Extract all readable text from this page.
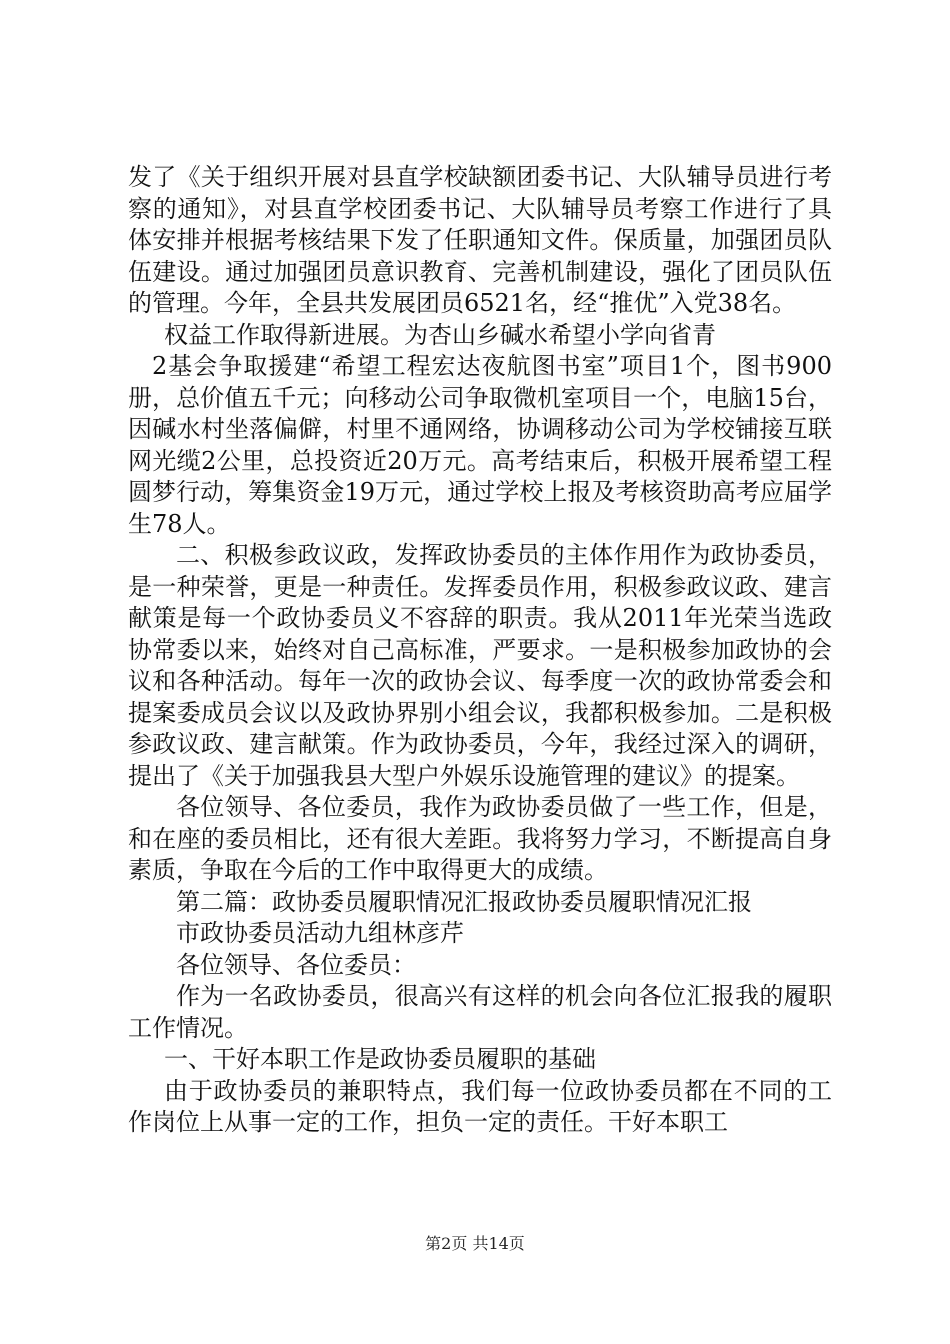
发了《关于组织开展对县直学校缺额团委书记、大队辅导员进行考察的通知》，对县直学校团委书记、大队辅导员考察工作进行了具体安排并根据考核结果下发了任职通知文件。保质量，加强团员队伍建设。通过加强团员意识教育、完善机制建设，强化了团员队伍的管理。今年，全县共发展团员6521名，经“推优”入党38名。

权益工作取得新进展。为杏山乡碱水希望小学向省青

2基会争取援建“希望工程宏达夜航图书室”项目1个，图书900册，总价值五千元；向移动公司争取微机室项目一个，电脑15台，因碱水村坐落偏僻，村里不通网络，协调移动公司为学校铺接互联网光缆2公里，总投资近20万元。高考结束后，积极开展希望工程圆梦行动，筹集资金19万元，通过学校上报及考核资助高考应届学生78人。

二、积极参政议政，发挥政协委员的主体作用作为政协委员，是一种荣誉，更是一种责任。发挥委员作用，积极参政议政、建言献策是每一个政协委员义不容辞的职责。我从2011年光荣当选政协常委以来，始终对自己高标准，严要求。一是积极参加政协的会议和各种活动。每年一次的政协会议、每季度一次的政协常委会和提案委成员会议以及政协界别小组会议，我都积极参加。二是积极参政议政、建言献策。作为政协委员，今年，我经过深入的调研，提出了《关于加强我县大型户外娱乐设施管理的建议》的提案。

各位领导、各位委员，我作为政协委员做了一些工作，但是，和在座的委员相比，还有很大差距。我将努力学习，不断提高自身素质，争取在今后的工作中取得更大的成绩。

第二篇：政协委员履职情况汇报政协委员履职情况汇报

市政协委员活动九组林彦芹

各位领导、各位委员：

作为一名政协委员，很高兴有这样的机会向各位汇报我的履职工作情况。

一、干好本职工作是政协委员履职的基础

由于政协委员的兼职特点，我们每一位政协委员都在不同的工作岗位上从事一定的工作，担负一定的责任。干好本职工

第2页 共14页
